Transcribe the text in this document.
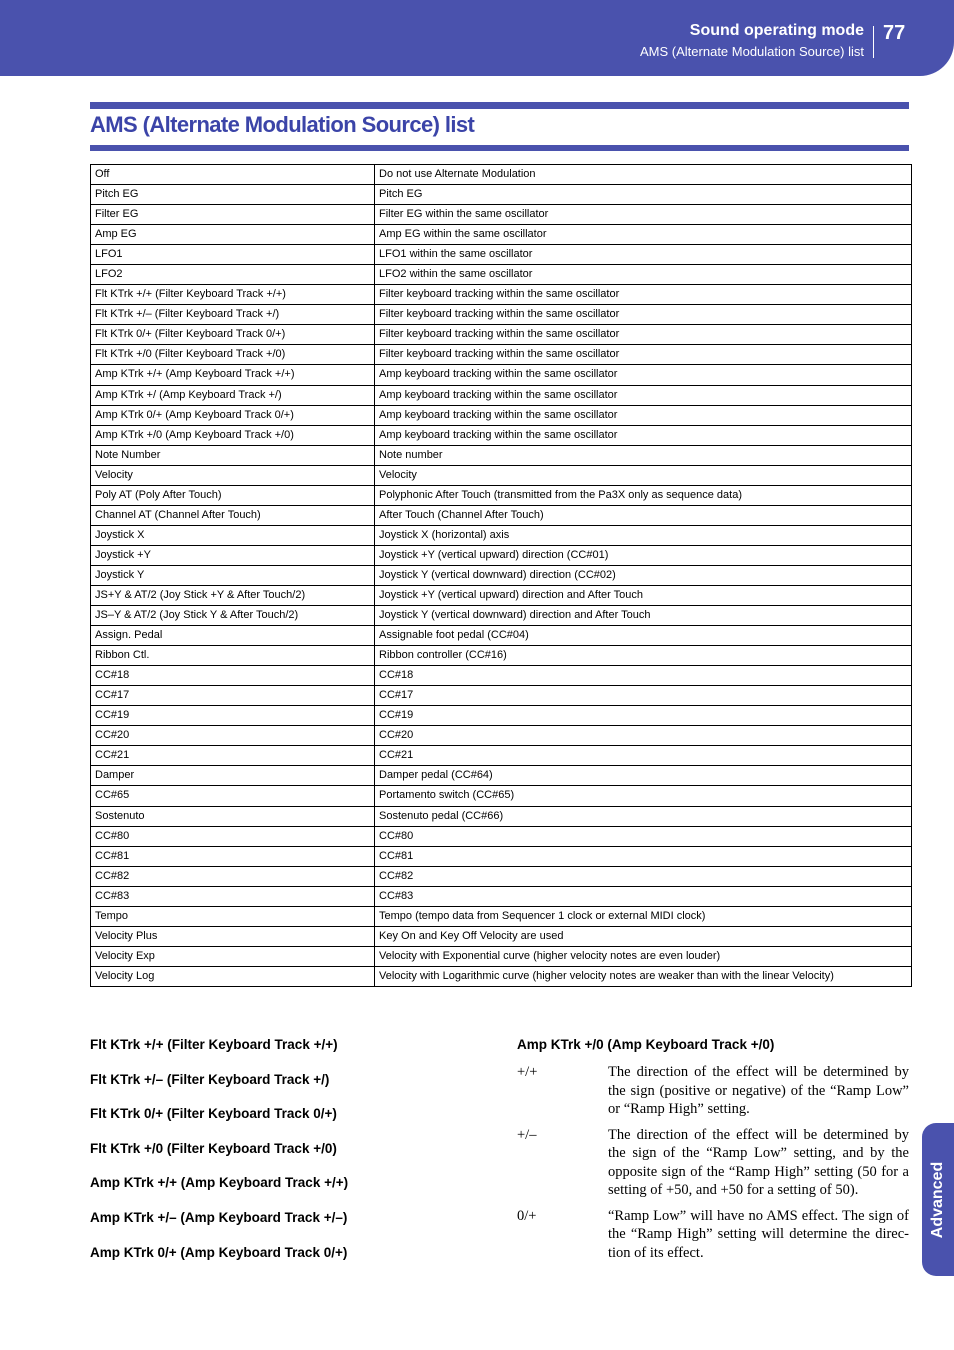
Sound operating mode
AMS (Alternate Modulation Source) list
77
AMS (Alternate Modulation Source) list
Off	Do not use Alternate Modulation
Pitch EG	Pitch EG
Filter EG	Filter EG within the same oscillator
Amp EG	Amp EG within the same oscillator
LFO1	LFO1 within the same oscillator
LFO2	LFO2 within the same oscillator
Flt KTrk +/+ (Filter Keyboard Track +/+)	Filter keyboard tracking within the same oscillator
Flt KTrk +/– (Filter Keyboard Track +/)	Filter keyboard tracking within the same oscillator
Flt KTrk 0/+ (Filter Keyboard Track 0/+)	Filter keyboard tracking within the same oscillator
Flt KTrk +/0 (Filter Keyboard Track +/0)	Filter keyboard tracking within the same oscillator
Amp KTrk +/+ (Amp Keyboard Track +/+)	Amp keyboard tracking within the same oscillator
Amp KTrk +/ (Amp Keyboard Track +/)	Amp keyboard tracking within the same oscillator
Amp KTrk 0/+ (Amp Keyboard Track 0/+)	Amp keyboard tracking within the same oscillator
Amp KTrk +/0 (Amp Keyboard Track +/0)	Amp keyboard tracking within the same oscillator
Note Number	Note number
Velocity	Velocity
Poly AT (Poly After Touch)	Polyphonic After Touch (transmitted from the Pa3X only as sequence data)
Channel AT (Channel After Touch)	After Touch (Channel After Touch)
Joystick X	Joystick X (horizontal) axis
Joystick +Y	Joystick +Y (vertical upward) direction (CC#01)
Joystick Y	Joystick Y (vertical downward) direction (CC#02)
JS+Y & AT/2 (Joy Stick +Y & After Touch/2)	Joystick +Y (vertical upward) direction and After Touch
JS–Y & AT/2 (Joy Stick Y & After Touch/2)	Joystick Y (vertical downward) direction and After Touch
Assign. Pedal	Assignable foot pedal (CC#04)
Ribbon Ctl.	Ribbon controller (CC#16)
CC#18	CC#18
CC#17	CC#17
CC#19	CC#19
CC#20	CC#20
CC#21	CC#21
Damper	Damper pedal (CC#64)
CC#65	Portamento switch (CC#65)
Sostenuto	Sostenuto pedal (CC#66)
CC#80	CC#80
CC#81	CC#81
CC#82	CC#82
CC#83	CC#83
Tempo	Tempo (tempo data from Sequencer 1 clock or external MIDI clock)
Velocity Plus	Key On and Key Off Velocity are used
Velocity Exp	Velocity with Exponential curve (higher velocity notes are even louder)
Velocity Log	Velocity with Logarithmic curve (higher velocity notes are weaker than with the linear Velocity)
Flt KTrk +/+ (Filter Keyboard Track +/+)
Flt KTrk +/– (Filter Keyboard Track +/)
Flt KTrk 0/+ (Filter Keyboard Track 0/+)
Flt KTrk +/0 (Filter Keyboard Track +/0)
Amp KTrk +/+ (Amp Keyboard Track +/+)
Amp KTrk +/– (Amp Keyboard Track +/–)
Amp KTrk 0/+ (Amp Keyboard Track 0/+)
Amp KTrk +/0 (Amp Keyboard Track +/0)
+/+	The direction of the effect will be determined by the sign (positive or negative) of the “Ramp Low” or “Ramp High” setting.
+/–	The direction of the effect will be determined by the sign of the “Ramp Low” setting, and by the opposite sign of the “Ramp High” setting (50 for a setting of +50, and +50 for a setting of 50).
0/+	“Ramp Low” will have no AMS effect. The sign of the “Ramp High” setting will determine the direc-tion of its effect.
Advanced
